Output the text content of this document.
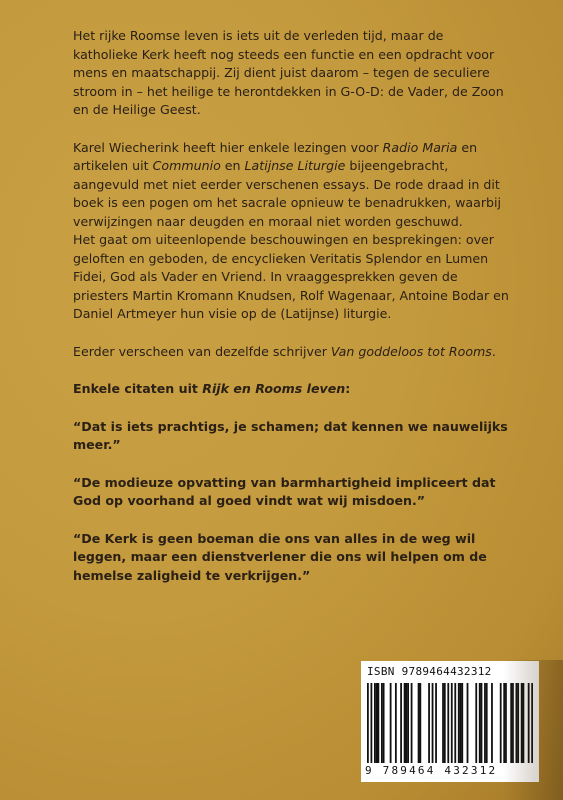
Het rijke Roomse leven is iets uit de verleden tijd, maar de katholieke Kerk heeft nog steeds een functie en een opdracht voor mens en maatschappij. Zij dient juist daarom – tegen de seculiere stroom in – het heilige te herontdekken in G-O-D: de Vader, de Zoon en de Heilige Geest.

Karel Wiecherink heeft hier enkele lezingen voor Radio Maria en artikelen uit Communio en Latijnse Liturgie bijeengebracht, aangevuld met niet eerder verschenen essays. De rode draad in dit boek is een pogen om het sacrale opnieuw te benadrukken, waarbij verwijzingen naar deugden en moraal niet worden geschuwd.

Het gaat om uiteenlopende beschouwingen en besprekingen: over geloften en geboden, de encyclieken Veritatis Splendor en Lumen Fidei, God als Vader en Vriend. In vraaggesprekken geven de priesters Martin Kromann Knudsen, Rolf Wagenaar, Antoine Bodar en Daniel Artmeyer hun visie op de (Latijnse) liturgie.

Eerder verscheen van dezelfde schrijver Van goddeloos tot Rooms.

Enkele citaten uit Rijk en Rooms leven:

“Dat is iets prachtigs, je schamen; dat kennen we nauwelijks meer.”

“De modieuze opvatting van barmhartigheid impliceert dat God op voorhand al goed vindt wat wij misdoen.”

“De Kerk is geen boeman die ons van alles in de weg wil leggen, maar een dienstverlener die ons wil helpen om de hemelse zaligheid te verkrijgen.”

ISBN 9789464432312
9 789464 432312
